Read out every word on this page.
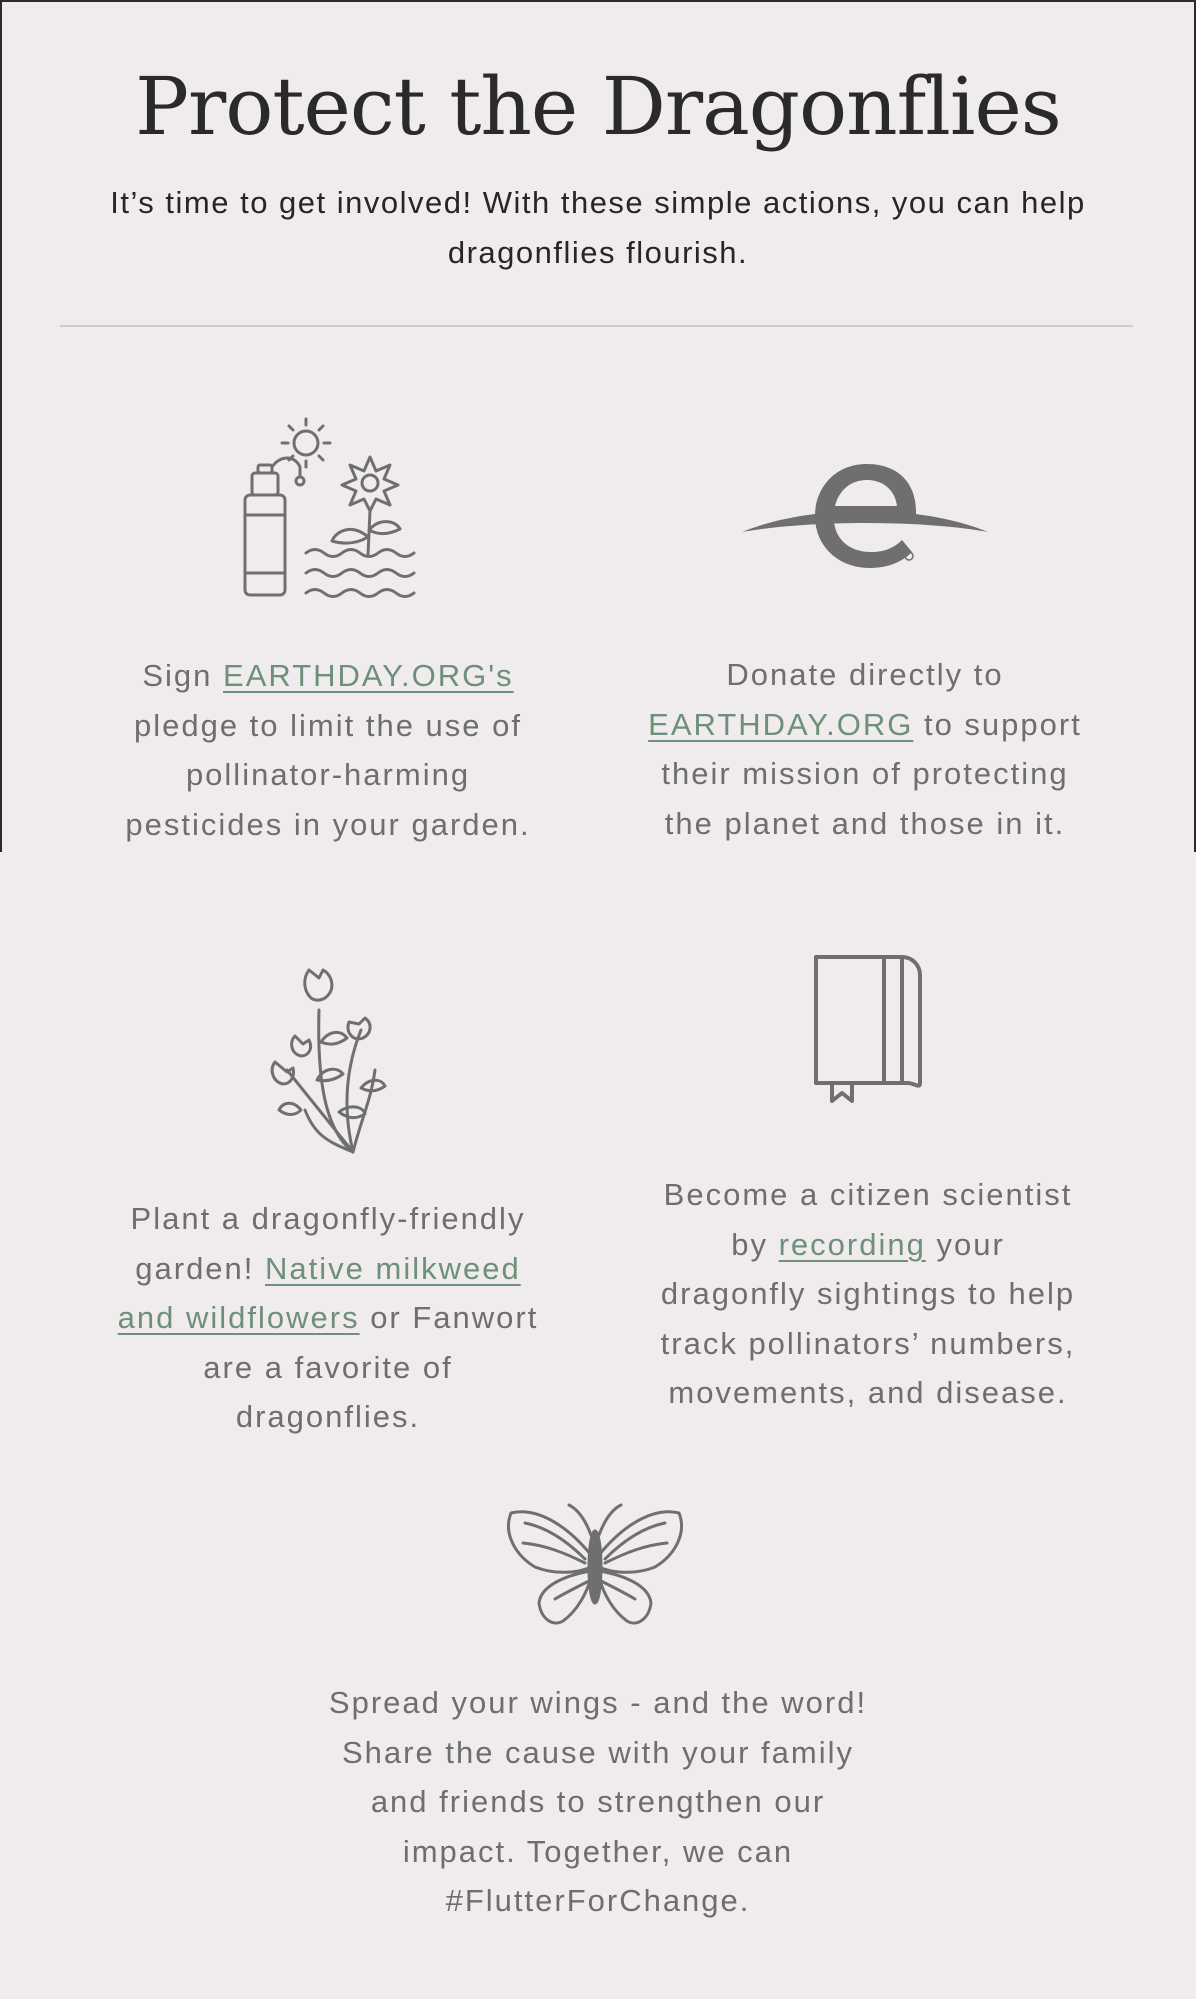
Protect the Dragonflies

It’s time to get involved! With these simple actions, you can help dragonflies flourish.

Sign EARTHDAY.ORG's pledge to limit the use of pollinator-harming pesticides in your garden.
Donate directly to EARTHDAY.ORG to support their mission of protecting the planet and those in it.
Plant a dragonfly-friendly garden! Native milkweed and wildflowers or Fanwort are a favorite of dragonflies.
Become a citizen scientist by recording your dragonfly sightings to help track pollinators’ numbers, movements, and disease.
Spread your wings - and the word! Share the cause with your family and friends to strengthen our impact. Together, we can #FlutterForChange.
